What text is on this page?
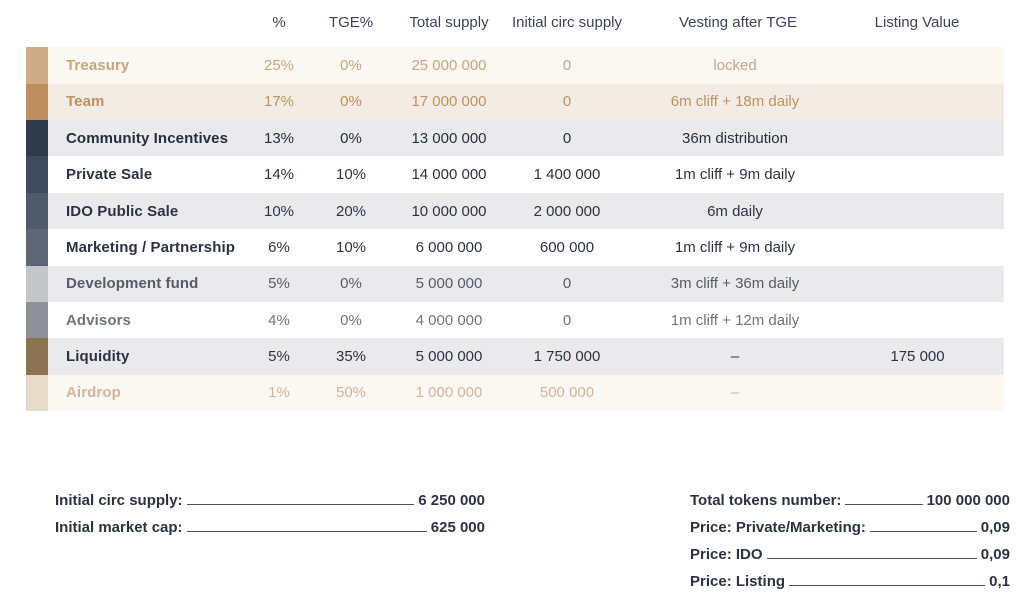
		%	TGE%	Total supply	Initial circ supply	Vesting after TGE	Listing Value

	Treasury	25%	0%	25 000 000	0	locked	

	Team	17%	0%	17 000 000	0	6m cliff + 18m daily	

	Community Incentives	13%	0%	13 000 000	0	36m distribution	

	Private Sale	14%	10%	14 000 000	1 400 000	1m cliff + 9m daily	

	IDO Public Sale	10%	20%	10 000 000	2 000 000	6m daily	

	Marketing / Partnership	6%	10%	6 000 000	600 000	1m cliff + 9m daily	

	Development fund	5%	0%	5 000 000	0	3m cliff + 36m daily	

	Advisors	4%	0%	4 000 000	0	1m cliff + 12m daily	

	Liquidity	5%	35%	5 000 000	1 750 000	–	175 000

	Airdrop	1%	50%	1 000 000	500 000	–	
Initial circ supply:	6 250 000
Initial market cap:	625 000
Total tokens number:	100 000 000
Price: Private/Marketing:	0,09
Price: IDO	0,09
Price: Listing	0,1
